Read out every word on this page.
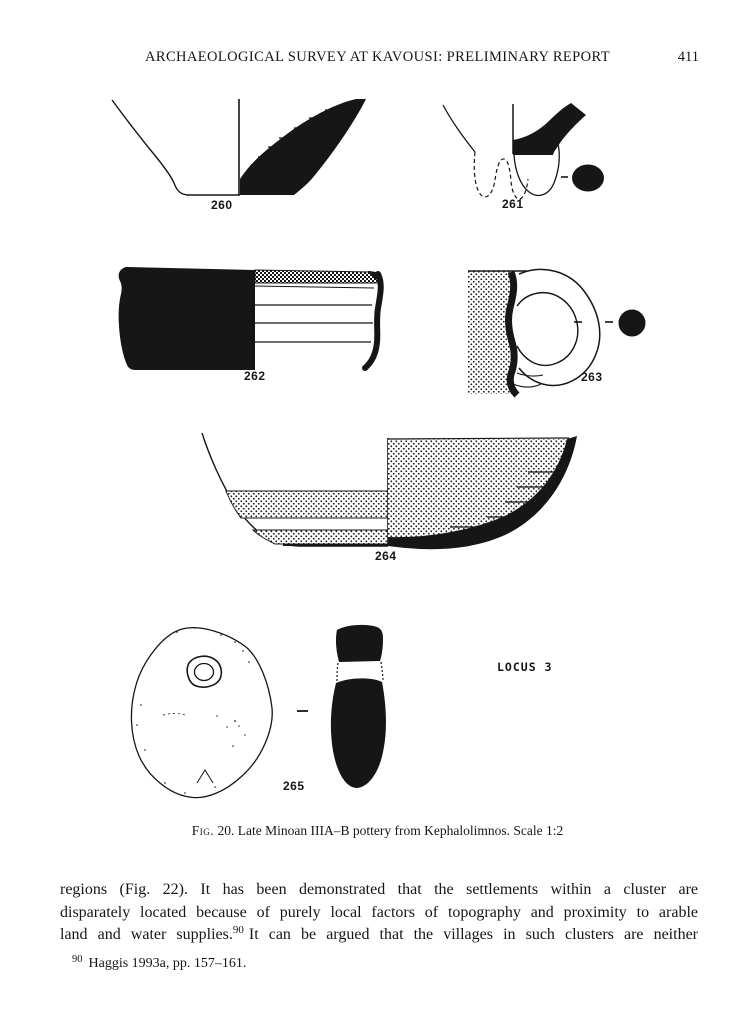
ARCHAEOLOGICAL SURVEY AT KAVOUSI: PRELIMINARY REPORT	411
260	261
262	263
264
265
LOCUS 3
Fig. 20. Late Minoan IIIA–B pottery from Kephalolimnos. Scale 1:2
regions (Fig. 22). It has been demonstrated that the settlements within a cluster are
disparately located because of purely local factors of topography and proximity to arable
land and water supplies.$^{90}$ It can be argued that the villages in such clusters are neither
$^{90}$ Haggis 1993a, pp. 157–161.
